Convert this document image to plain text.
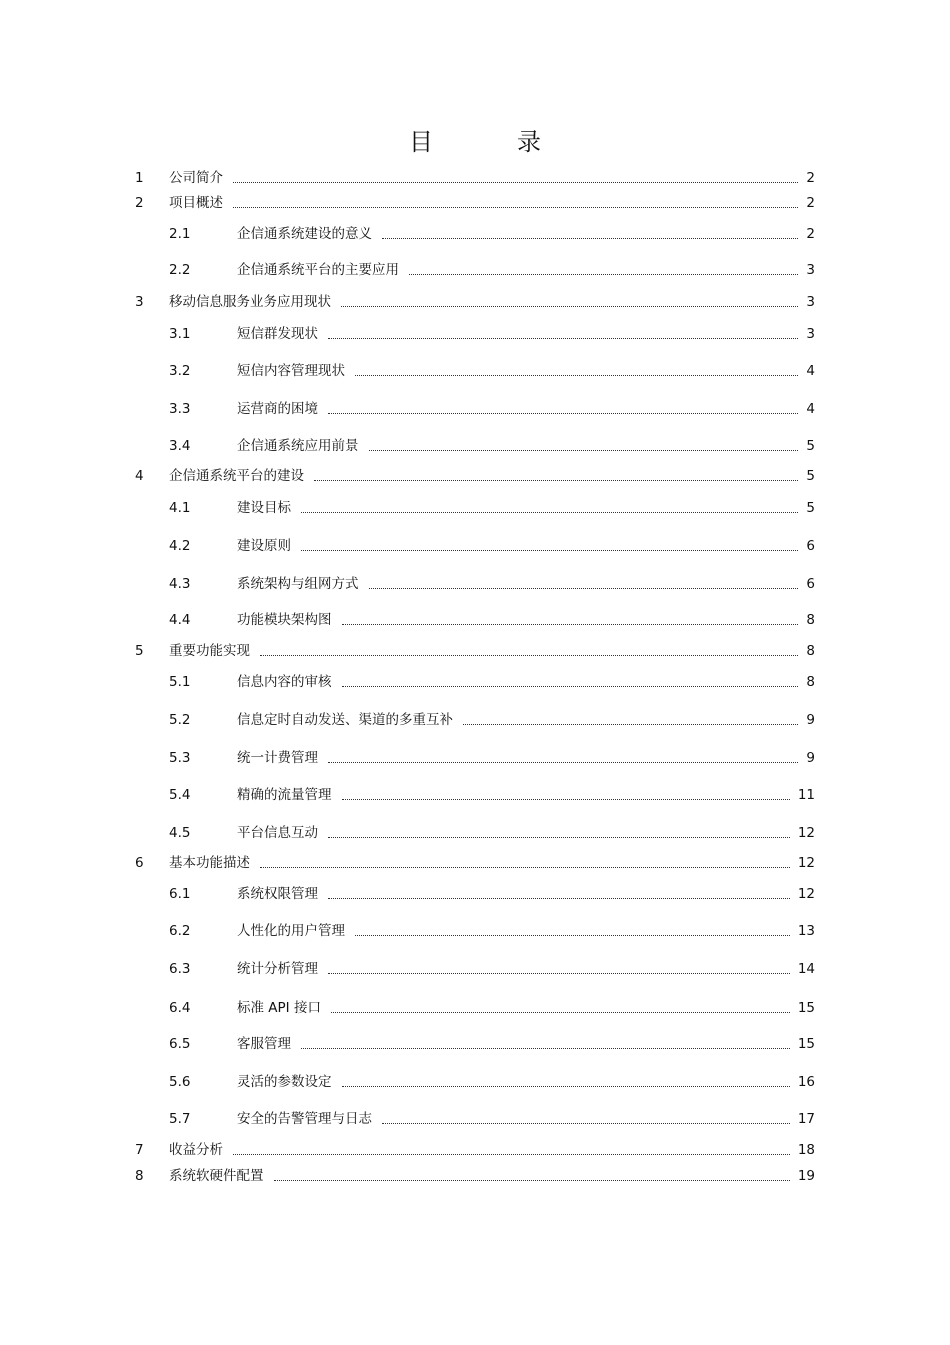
目　录
1 公司简介	2
2 项目概述	2
2.1	企信通系统建设的意义	2
2.2	企信通系统平台的主要应用	3
3 移动信息服务业务应用现状	3
3.1	短信群发现状	3
3.2	短信内容管理现状	4
3.3	运营商的困境	4
3.4	企信通系统应用前景	5
4 企信通系统平台的建设	5
4.1	建设目标	5
4.2	建设原则	6
4.3	系统架构与组网方式	6
4.4	功能模块架构图	8
5 重要功能实现	8
5.1	信息内容的审核	8
5.2	信息定时自动发送、渠道的多重互补	9
5.3	统一计费管理	9
5.4	精确的流量管理	11
4.5	平台信息互动	12
6 基本功能描述	12
6.1	系统权限管理	12
6.2	人性化的用户管理	13
6.3	统计分析管理	14
6.4	标准 API 接口	15
6.5	客服管理	15
5.6	灵活的参数设定	16
5.7	安全的告警管理与日志	17
7 收益分析	18
8 系统软硬件配置	19
